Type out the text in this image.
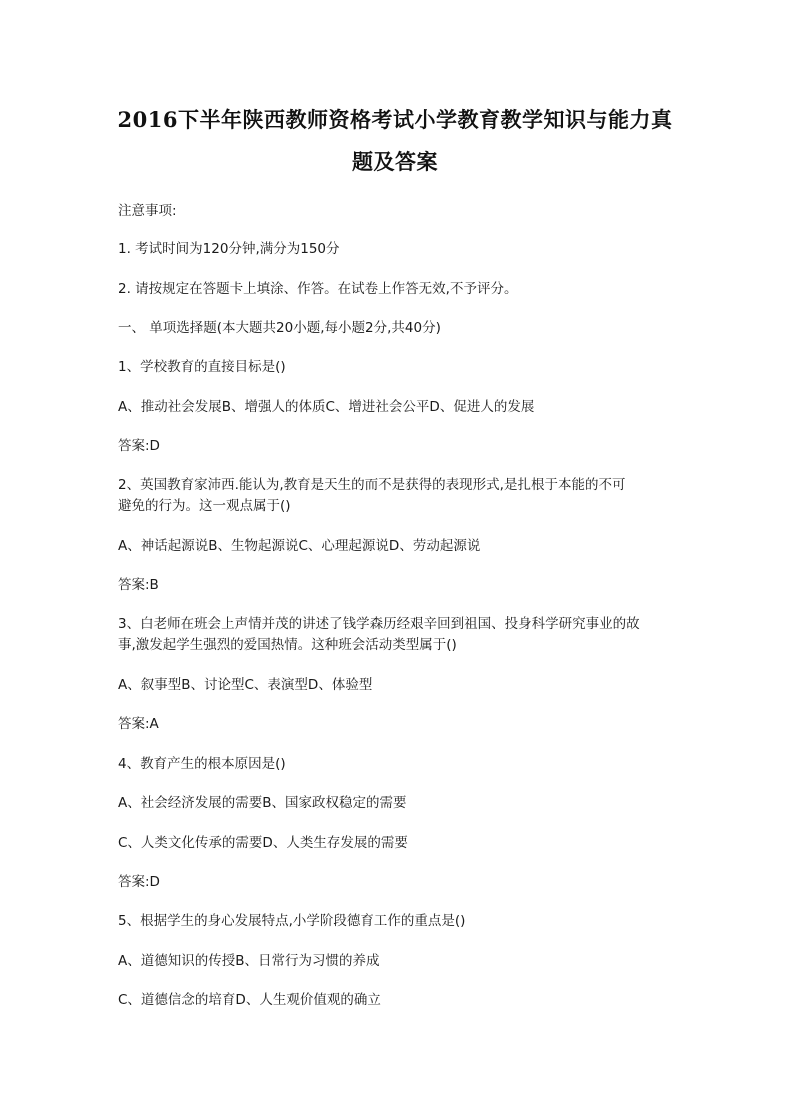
2016下半年陕西教师资格考试小学教育教学知识与能力真
题及答案
注意事项:
1. 考试时间为120分钟,满分为150分
2. 请按规定在答题卡上填涂、作答。在试卷上作答无效,不予评分。
一、 单项选择题(本大题共20小题,每小题2分,共40分)
1、学校教育的直接目标是()
A、推动社会发展B、增强人的体质C、增进社会公平D、促进人的发展
答案:D
2、英国教育家沛西.能认为,教育是天生的而不是获得的表现形式,是扎根于本能的不可
避免的行为。这一观点属于()
A、神话起源说B、生物起源说C、心理起源说D、劳动起源说
答案:B
3、白老师在班会上声情并茂的讲述了钱学森历经艰辛回到祖国、投身科学研究事业的故
事,激发起学生强烈的爱国热情。这种班会活动类型属于()
A、叙事型B、讨论型C、表演型D、体验型
答案:A
4、教育产生的根本原因是()
A、社会经济发展的需要B、国家政权稳定的需要
C、人类文化传承的需要D、人类生存发展的需要
答案:D
5、根据学生的身心发展特点,小学阶段德育工作的重点是()
A、道德知识的传授B、日常行为习惯的养成
C、道德信念的培育D、人生观价值观的确立
